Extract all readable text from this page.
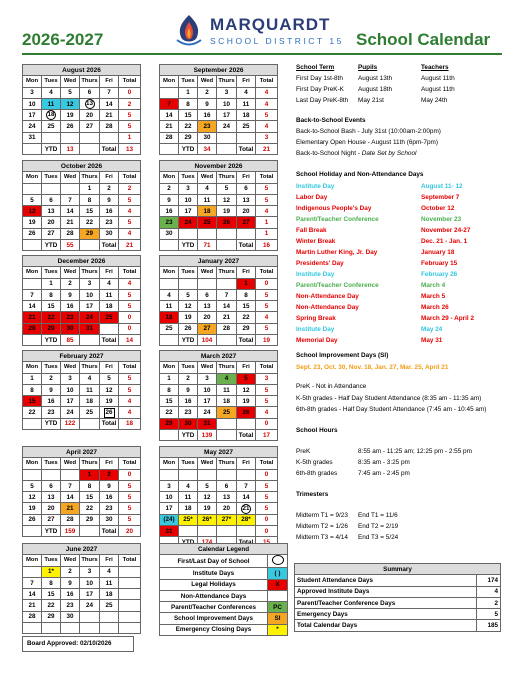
2026-2027
MARQUARDT
SCHOOL DISTRICT 15 School Calendar
August 2026					
Mon	Tues	Wed	Thurs	Fri	Total
3	4	5	6	7	0
10	11	12	13	14	2
17	18	19	20	21	5
24	25	26	27	28	5
31					1
	YTD	13		Total	13
September 2026					
Mon	Tues	Wed	Thurs	Fri	Total
	1	2	3	4	4
7	8	9	10	11	4
14	15	16	17	18	5
21	22	23	24	25	4
28	29	30			3
	YTD	34		Total	21
October 2026					
Mon	Tues	Wed	Thurs	Fri	Total
			1	2	2
5	6	7	8	9	5
12	13	14	15	16	4
19	20	21	22	23	5
26	27	28	29	30	4
	YTD	55		Total	21
November 2026					
Mon	Tues	Wed	Thurs	Fri	Total
2	3	4	5	6	5
9	10	11	12	13	5
16	17	18	19	20	4
23	24	25	26	27	1
30					1
	YTD	71		Total	16
December 2026					
Mon	Tues	Wed	Thurs	Fri	Total
	1	2	3	4	4
7	8	9	10	11	5
14	15	16	17	18	5
21	22	23	24	25	0
28	29	30	31		0
	YTD	85		Total	14
January 2027					
Mon	Tues	Wed	Thurs	Fri	Total
				1	0
4	5	6	7	8	5
11	12	13	14	15	5
18	19	20	21	22	4
25	26	27	28	29	5
	YTD	104		Total	19
February 2027					
Mon	Tues	Wed	Thurs	Fri	Total
1	2	3	4	5	5
8	9	10	11	12	5
15	16	17	18	19	4
22	23	24	25	26	4
	YTD	122		Total	18
March 2027					
Mon	Tues	Wed	Thurs	Fri	Total
1	2	3	4	5	3
8	9	10	11	12	5
15	16	17	18	19	5
22	23	24	25	26	4
29	30	31			0
	YTD	139		Total	17
April 2027					
Mon	Tues	Wed	Thurs	Fri	Total
			1	2	0
5	6	7	8	9	5
12	13	14	15	16	5
19	20	21	22	23	5
26	27	28	29	30	5
	YTD	159		Total	20
May 2027					
Mon	Tues	Wed	Thurs	Fri	Total
					0
3	4	5	6	7	5
10	11	12	13	14	5
17	18	19	20	21	5
(24)	25*	26*	27*	28*	0
31					0

June 2027					
Mon	Tues	Wed	Thurs	Fri	Total
	1*	2	3	4	
7	8	9	10	11	
14	15	16	17	18	
21	22	23	24	25	
28	29	30			

School Term	Pupils	Teachers
First Day 1st-8th August 13th	August 11th
First Day PreK-K August 18th	August 11th
Last Day PreK-8th May 21st	May 24th
Back-to-School Events
Back-to-School Bash - July 31st (10:00am-2:00pm)
Elementary Open House - August 11th (6pm-7pm)
Back-to-School Night - Date Set by School
School Holiday and Non-Attendance Days
Institute Day	August 11- 12
Labor Day	September 7
Indigenous People's Day	October 12
Parent/Teacher Conference	November 23
Fall Break	November 24-27
Winter Break	Dec. 21 - Jan. 1
Martin Luther King, Jr. Day	January 18
Presidents' Day	February 15
Institute Day	February 26
Parent/Teacher Conference	March 4
Non-Attendance Day	March 5
Non-Attendance Day	March 26
Spring Break	March 29 - April 2
Institute Day	May 24
Memorial Day	May 31
School Improvement Days (SI)
Sept. 23, Oct. 30, Nov. 18, Jan. 27, Mar. 25, April 21
PreK - Not in Attendance
K-5th grades - Half Day Student Attendance (8:35 am - 11:35 am)
6th-8th grades - Half Day Student Attendance (7:45 am - 10:45 am)
School Hours
PreK	8:55 am - 11:25 am; 12:25 pm - 2:55 pm
K-5th grades	8:35 am - 3:25 pm
6th-8th grades	7:45 am - 2:45 pm
Trimesters
Midterm T1 = 9/23 End T1 = 11/6
Midterm T2 = 1/26 End T2 = 2/19
Midterm T3 = 4/14 End T3 = 5/24
Calendar Legend	
First/Last Day of School	
Institute Days	( )
Legal Holidays	X
Non-Attendance Days	
Parent/Teacher Conferences	PC
School Improvement Days	SI
Emergency Closing Days	*
Summary	
Student Attendance Days	174
Approved Institute Days	4
Parent/Teacher Conference Days	2
Emergency Days	5
Total Calendar Days	185
Board Approved: 02/10/2026
